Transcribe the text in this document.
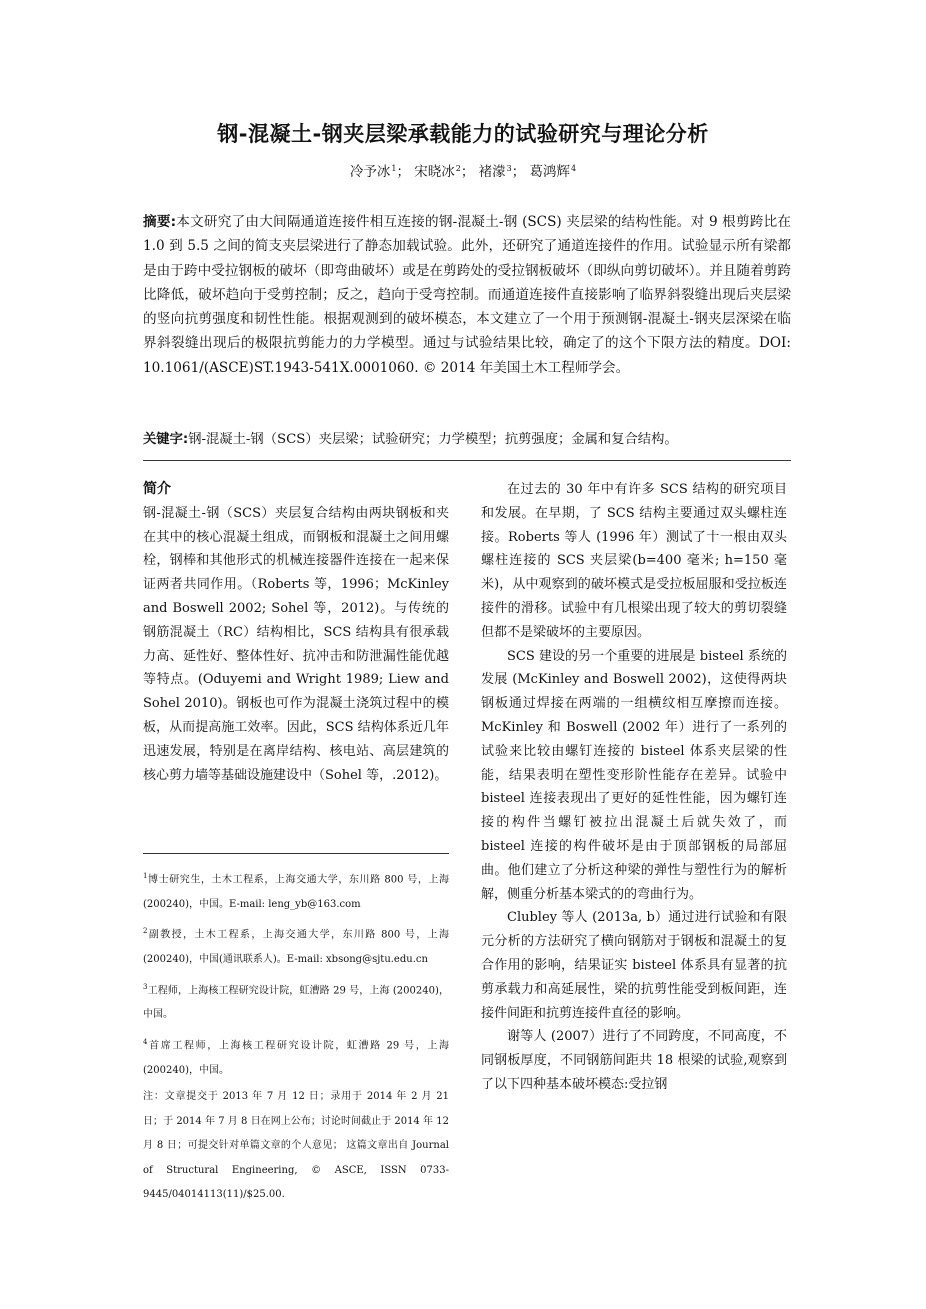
钢-混凝土-钢夹层梁承载能力的试验研究与理论分析
冷予冰$^1$； 宋晓冰$^2$； 褚濛$^3$； 葛鸿辉$^4$
摘要:本文研究了由大间隔通道连接件相互连接的钢-混凝土-钢 (SCS) 夹层梁的结构性能。对 9 根剪跨比在 1.0 到 5.5 之间的简支夹层梁进行了静态加载试验。此外，还研究了通道连接件的作用。试验显示所有梁都是由于跨中受拉钢板的破坏（即弯曲破坏）或是在剪跨处的受拉钢板破坏（即纵向剪切破坏）。并且随着剪跨比降低，破坏趋向于受剪控制；反之，趋向于受弯控制。而通道连接件直接影响了临界斜裂缝出现后夹层梁的竖向抗剪强度和韧性性能。根据观测到的破坏模态，本文建立了一个用于预测钢-混凝土-钢夹层深梁在临界斜裂缝出现后的极限抗剪能力的力学模型。通过与试验结果比较，确定了的这个下限方法的精度。DOI: 10.1061/(ASCE)ST.1943-541X.0001060. © 2014 年美国土木工程师学会。
关键字:钢-混凝土-钢（SCS）夹层梁；试验研究；力学模型；抗剪强度；金属和复合结构。
简介

钢-混凝土-钢（SCS）夹层复合结构由两块钢板和夹在其中的核心混凝土组成，而钢板和混凝土之间用螺栓，钢棒和其他形式的机械连接器件连接在一起来保证两者共同作用。（Roberts 等，1996；McKinley and Boswell 2002; Sohel 等，2012)。与传统的钢筋混凝土（RC）结构相比，SCS 结构具有很承载力高、延性好、整体性好、抗冲击和防泄漏性能优越等特点。(Oduyemi and Wright 1989; Liew and Sohel 2010)。钢板也可作为混凝土浇筑过程中的模板，从而提高施工效率。因此，SCS 结构体系近几年迅速发展，特别是在离岸结构、核电站、高层建筑的核心剪力墙等基础设施建设中（Sohel 等，.2012)。

$^1$博士研究生，土木工程系，上海交通大学，东川路 800 号，上海 (200240)，中国。E-mail: leng_yb@163.com

$^2$副教授，土木工程系，上海交通大学，东川路 800 号，上海 (200240)，中国(通讯联系人)。E-mail: xbsong@sjtu.edu.cn

$^3$工程师，上海核工程研究设计院，虹漕路 29 号，上海 (200240)，中国。

$^4$首席工程师，上海核工程研究设计院，虹漕路 29 号，上海 (200240)，中国。

注：文章提交于 2013 年 7 月 12 日；录用于 2014 年 2 月 21 日；于 2014 年 7 月 8 日在网上公布；讨论时间截止于 2014 年 12 月 8 日；可提交针对单篇文章的个人意见； 这篇文章出自 Journal of Structural Engineering, © ASCE, ISSN 0733-9445/04014113(11)/$25.00.

在过去的 30 年中有许多 SCS 结构的研究项目和发展。在早期，了 SCS 结构主要通过双头螺柱连接。Roberts 等人 (1996 年）测试了十一根由双头螺柱连接的 SCS 夹层梁(b=400 毫米; h=150 毫米)，从中观察到的破坏模式是受拉板屈服和受拉板连接件的滑移。试验中有几根梁出现了较大的剪切裂缝但都不是梁破坏的主要原因。

SCS 建设的另一个重要的进展是 bisteel 系统的发展 (McKinley and Boswell 2002)，这使得两块钢板通过焊接在两端的一组横纹相互摩擦而连接。McKinley 和 Boswell (2002 年）进行了一系列的试验来比较由螺钉连接的 bisteel 体系夹层梁的性能，结果表明在塑性变形阶性能存在差异。试验中 bisteel 连接表现出了更好的延性性能，因为螺钉连接的构件当螺钉被拉出混凝土后就失效了，而 bisteel 连接的构件破坏是由于顶部钢板的局部屈曲。他们建立了分析这种梁的弹性与塑性行为的解析解，侧重分析基本梁式的的弯曲行为。

Clubley 等人 (2013a, b）通过进行试验和有限元分析的方法研究了横向钢筋对于钢板和混凝土的复合作用的影响，结果证实 bisteel 体系具有显著的抗剪承载力和高延展性，梁的抗剪性能受到板间距，连接件间距和抗剪连接件直径的影响。

谢等人 (2007）进行了不同跨度，不同高度，不同钢板厚度，不同钢筋间距共 18 根梁的试验,观察到了以下四种基本破坏模态:受拉钢
